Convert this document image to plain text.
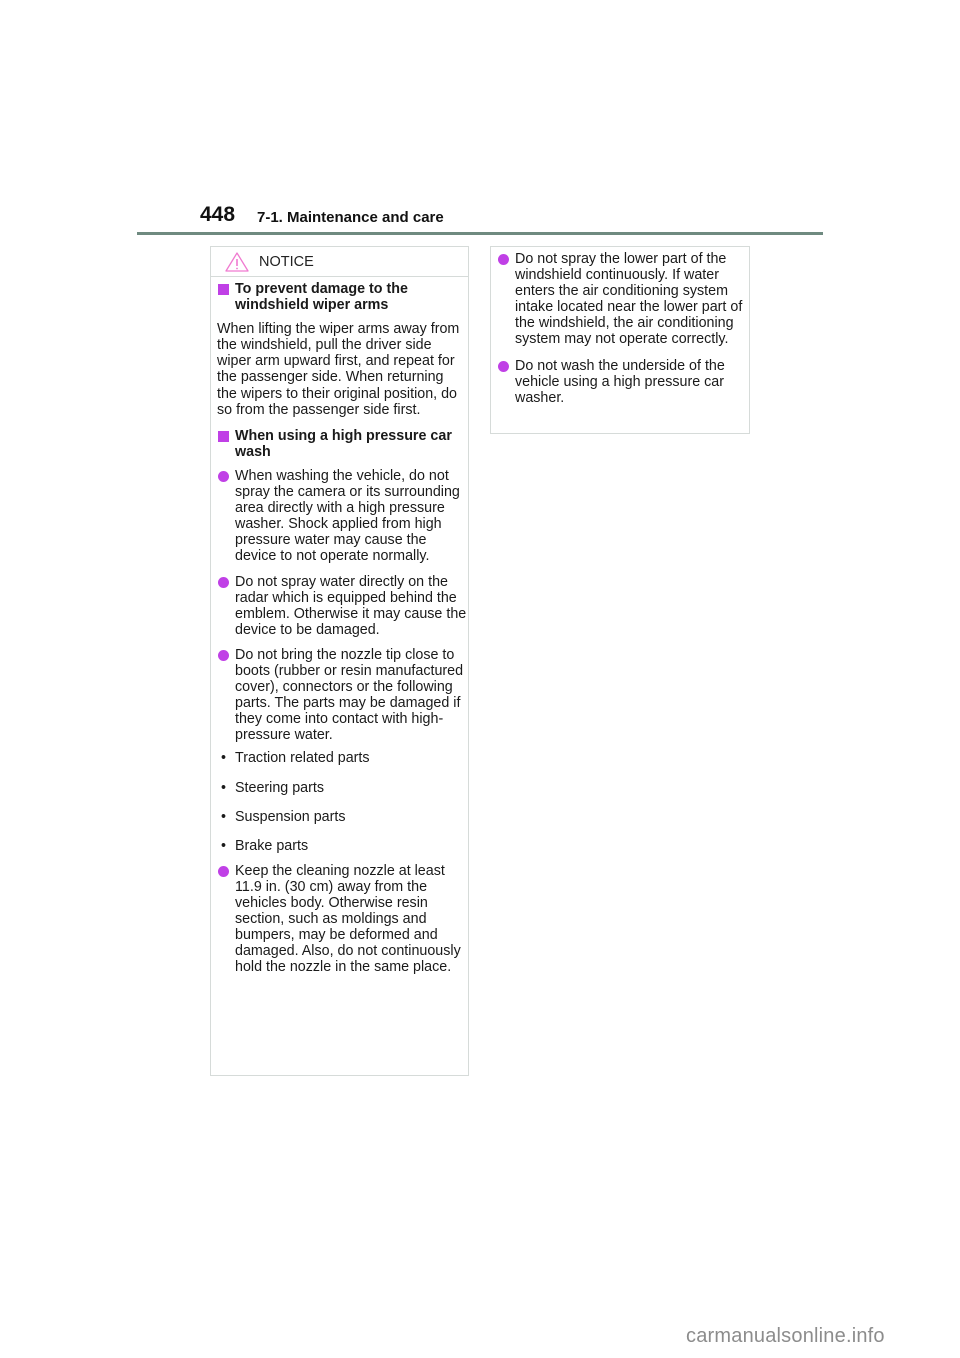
448 7-1. Maintenance and care
NOTICE
To prevent damage to the windshield wiper arms
When lifting the wiper arms away from the windshield, pull the driver side wiper arm upward first, and repeat for the passenger side. When returning the wipers to their original position, do so from the passenger side first.
When using a high pressure car wash
When washing the vehicle, do not spray the camera or its surrounding area directly with a high pressure washer. Shock applied from high pressure water may cause the device to not operate normally.
Do not spray water directly on the radar which is equipped behind the emblem. Otherwise it may cause the device to be damaged.
Do not bring the nozzle tip close to boots (rubber or resin manufactured cover), connectors or the following parts. The parts may be damaged if they come into contact with high-pressure water.
• Traction related parts
• Steering parts
• Suspension parts
• Brake parts
Keep the cleaning nozzle at least 11.9 in. (30 cm) away from the vehicles body. Otherwise resin section, such as moldings and bumpers, may be deformed and damaged. Also, do not continuously hold the nozzle in the same place.
Do not spray the lower part of the windshield continuously. If water enters the air conditioning system intake located near the lower part of the windshield, the air conditioning system may not operate correctly.
Do not wash the underside of the vehicle using a high pressure car washer.
carmanualsonline.info
